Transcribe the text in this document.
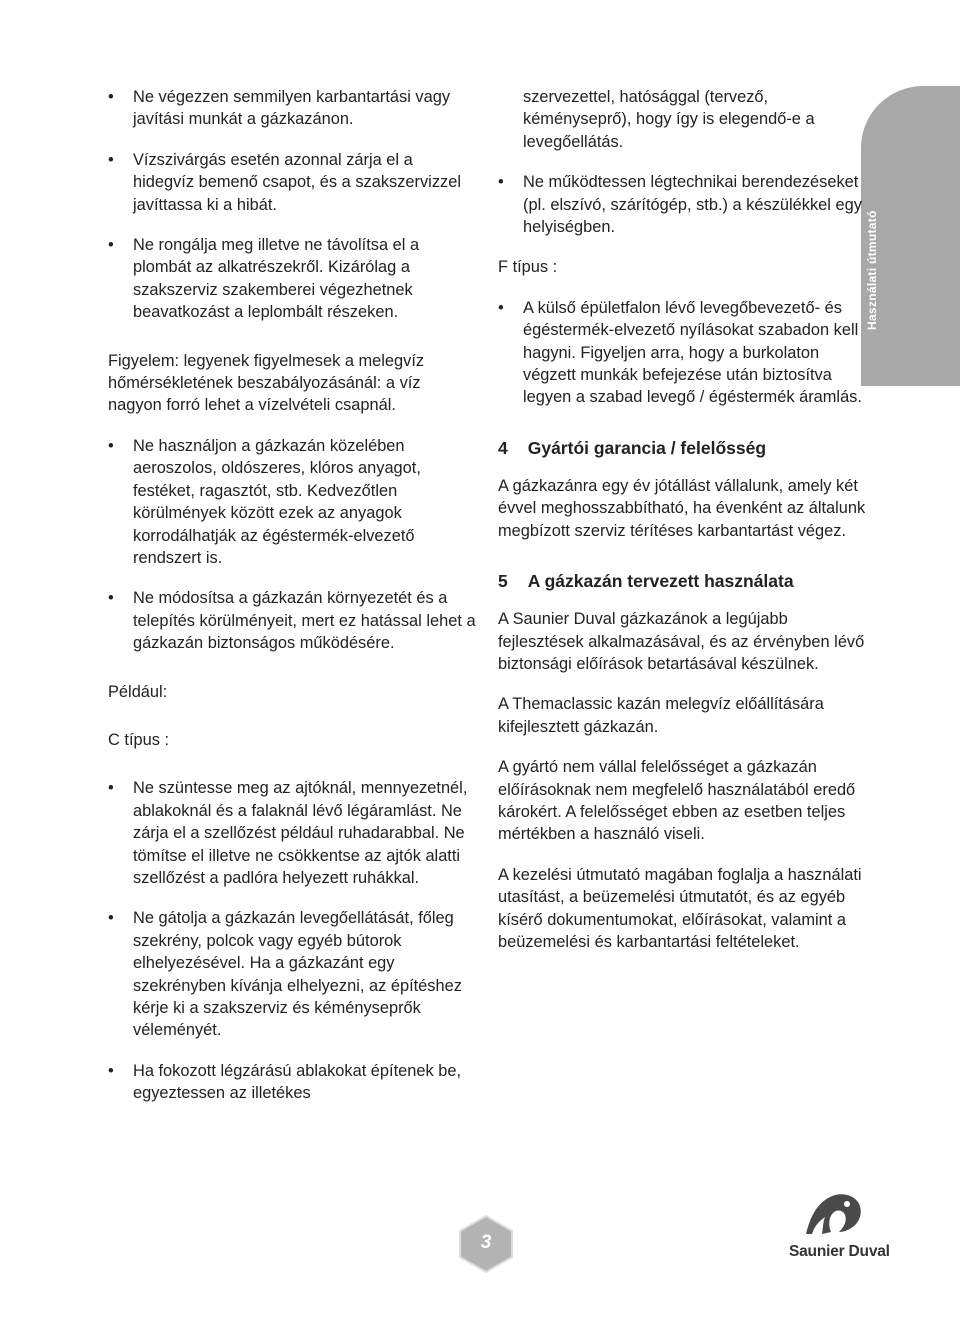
Használati útmutató
• Ne végezzen semmilyen karbantartási vagy javítási munkát a gázkazánon.
• Vízszivárgás esetén azonnal zárja el a hidegvíz bemenő csapot, és a szakszervizzel javíttassa ki a hibát.
• Ne rongálja meg illetve ne távolítsa el a plombát az alkatrészekről. Kizárólag a szakszerviz szakemberei végezhetnek beavatkozást a leplombált részeken.

Figyelem: legyenek figyelmesek a melegvíz hőmérsékletének beszabályozásánál: a víz nagyon forró lehet a vízelvételi csapnál.

• Ne használjon a gázkazán közelében aeroszolos, oldószeres, klóros anyagot, festéket, ragasztót, stb. Kedvezőtlen körülmények között ezek az anyagok korrodálhatják az égéstermék-elvezető rendszert is.
• Ne módosítsa a gázkazán környezetét és a telepítés körülményeit, mert ez hatással lehet a gázkazán biztonságos működésére.

Például:

C típus :

• Ne szüntesse meg az ajtóknál, mennyezetnél, ablakoknál és a falaknál lévő légáramlást. Ne zárja el a szellőzést például ruhadarabbal. Ne tömítse el illetve ne csökkentse az ajtók alatti szellőzést a padlóra helyezett ruhákkal.
• Ne gátolja a gázkazán levegőellátását, főleg szekrény, polcok vagy egyéb bútorok elhelyezésével. Ha a gázkazánt egy szekrényben kívánja elhelyezni, az építéshez kérje ki a szakszerviz és kéményseprők véleményét.
• Ha fokozott légzárású ablakokat építenek be, egyeztessen az illetékes

szervezettel, hatósággal (tervező, kéményseprő), hogy így is elegendő-e a levegőellátás.

• Ne működtessen légtechnikai berendezéseket (pl. elszívó, szárítógép, stb.) a készülékkel egy helyiségben.

F típus :

• A külső épületfalon lévő levegőbevezető- és égéstermék-elvezető nyílásokat szabadon kell hagyni. Figyeljen arra, hogy a burkolaton végzett munkák befejezése után biztosítva legyen a szabad levegő / égéstermék áramlás.
4 Gyártói garancia / felelősség

A gázkazánra egy év jótállást vállalunk, amely két évvel meghosszabbítható, ha évenként az általunk megbízott szerviz térítéses karbantartást végez.

5 A gázkazán tervezett használata

A Saunier Duval gázkazánok a legújabb fejlesztések alkalmazásával, és az érvényben lévő biztonsági előírások betartásával készülnek.

A Themaclassic kazán melegvíz előállítására kifejlesztett gázkazán.

A gyártó nem vállal felelősséget a gázkazán előírásoknak nem megfelelő használatából eredő károkért. A felelősséget ebben az esetben teljes mértékben a használó viseli.

A kezelési útmutató magában foglalja a használati utasítást, a beüzemelési útmutatót, és az egyéb kísérő dokumentumokat, előírásokat, valamint a beüzemelési és karbantartási feltételeket.

3	Saunier Duval
